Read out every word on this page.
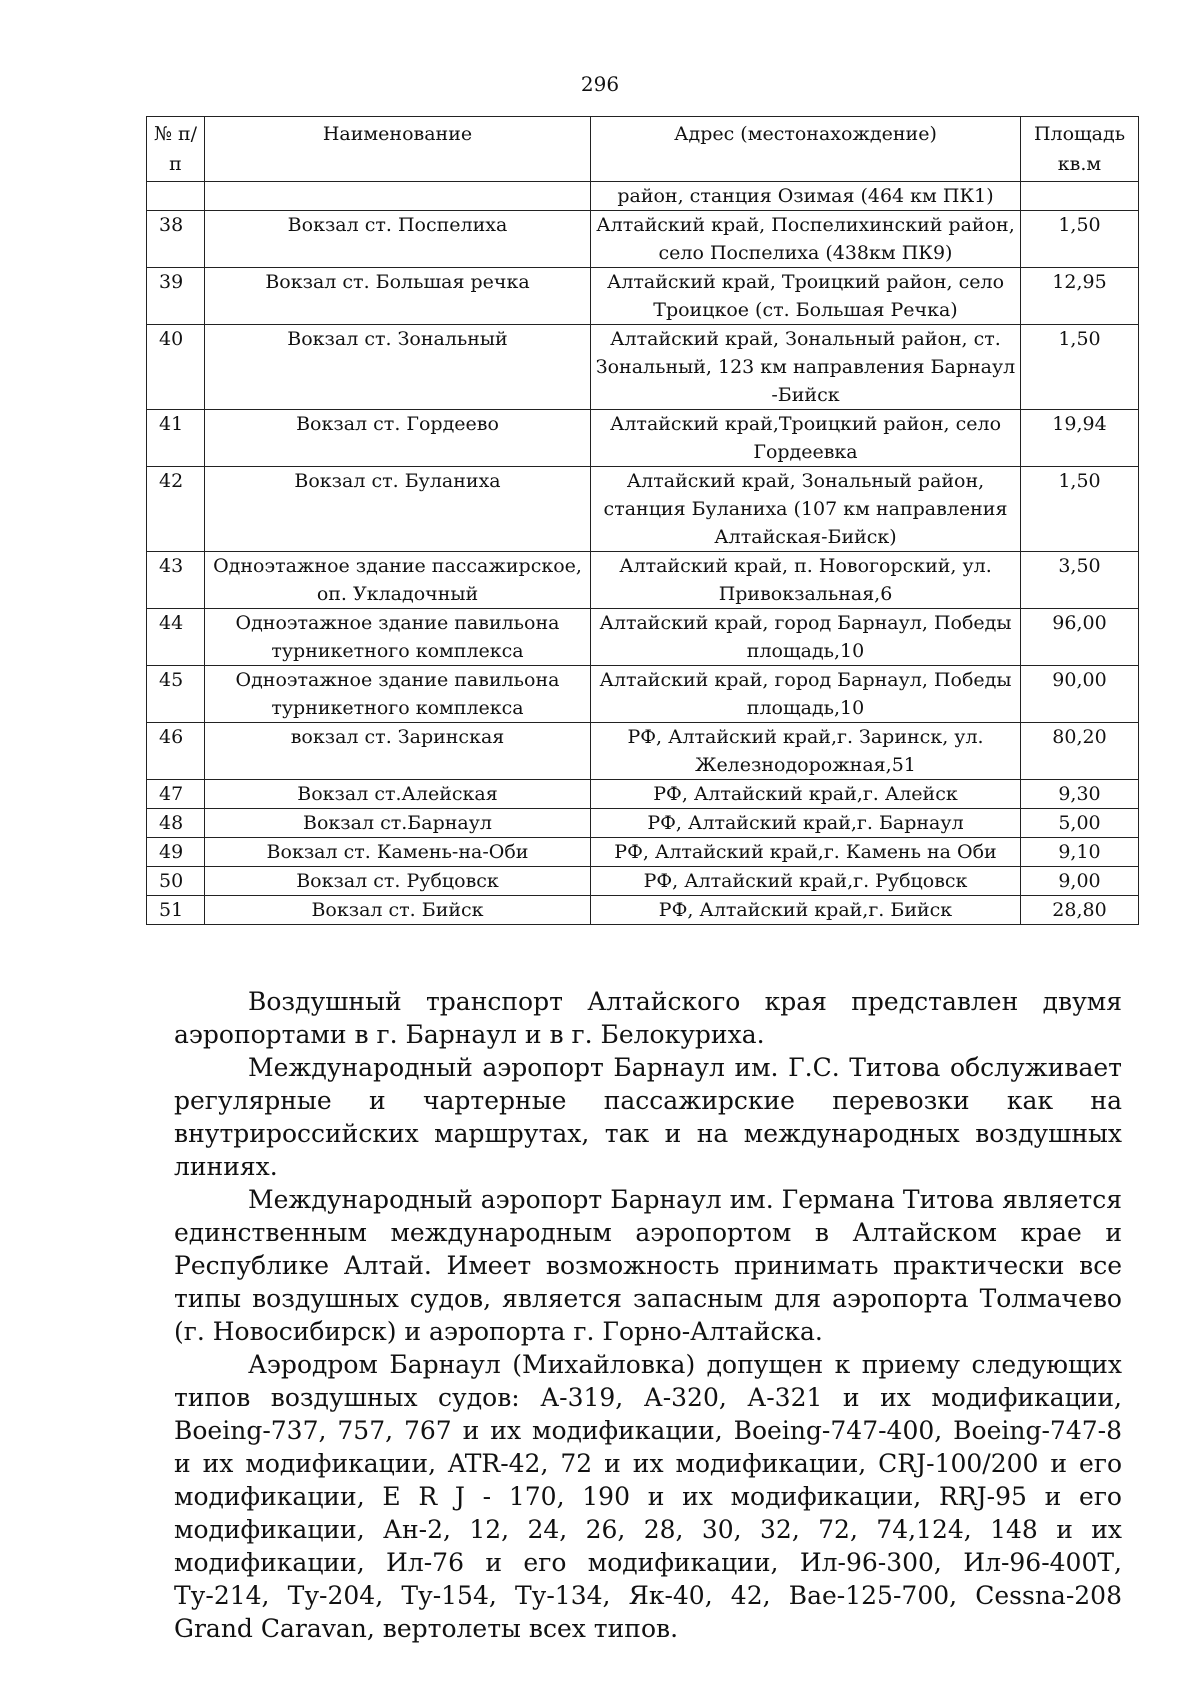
296
№ п/п	Наименование	Адрес (местонахождение)	Площадь кв.м
		район, станция Озимая (464 км ПК1)	
38	Вокзал ст. Поспелиха	Алтайский край, Поспелихинский район, село Поспелиха (438км ПК9)	1,50
39	Вокзал ст. Большая речка	Алтайский край, Троицкий район, село Троицкое (ст. Большая Речка)	12,95
40	Вокзал ст. Зональный	Алтайский край, Зональный район, ст. Зональный, 123 км направления Барнаул -Бийск	1,50
41	Вокзал ст. Гордеево	Алтайский край,Троицкий район, село Гордеевка	19,94
42	Вокзал ст. Буланиха	Алтайский край, Зональный район, станция Буланиха (107 км направления Алтайская-Бийск)	1,50
43	Одноэтажное здание пассажирское, оп. Укладочный	Алтайский край, п. Новогорский, ул. Привокзальная,6	3,50
44	Одноэтажное здание павильона турникетного комплекса	Алтайский край, город Барнаул, Победы площадь,10	96,00
45	Одноэтажное здание павильона турникетного комплекса	Алтайский край, город Барнаул, Победы площадь,10	90,00
46	вокзал ст. Заринская	РФ, Алтайский край,г. Заринск, ул. Железнодорожная,51	80,20
47	Вокзал ст.Алейская	РФ, Алтайский край,г. Алейск	9,30
48	Вокзал ст.Барнаул	РФ, Алтайский край,г. Барнаул	5,00
49	Вокзал ст. Камень-на-Оби	РФ, Алтайский край,г. Камень на Оби	9,10
50	Вокзал ст. Рубцовск	РФ, Алтайский край,г. Рубцовск	9,00
51	Вокзал ст. Бийск	РФ, Алтайский край,г. Бийск	28,80

Воздушный транспорт Алтайского края представлен двумя аэропортами в г. Барнаул и в г. Белокуриха.

Международный аэропорт Барнаул им. Г.С. Титова обслуживает регулярные и чартерные пассажирские перевозки как на внутрироссийских маршрутах, так и на международных воздушных линиях.

Международный аэропорт Барнаул им. Германа Титова является единственным международным аэропортом в Алтайском крае и Республике Алтай. Имеет возможность принимать практически все типы воздушных судов, является запасным для аэропорта Толмачево (г. Новосибирск) и аэропорта г. Горно-Алтайска.

Аэродром Барнаул (Михайловка) допущен к приему следующих типов воздушных судов: А-319, А-320, А-321 и их модификации, Boeing-737, 757, 767 и их модификации, Boeing-747-400, Boeing-747-8 и их модификации, ATR-42, 72 и их модификации, CRJ-100/200 и его модификации, E R J - 170, 190 и их модификации, RRJ-95 и его модификации, Ан-2, 12, 24, 26, 28, 30, 32, 72, 74,124, 148 и их модификации, Ил-76 и его модификации, Ил-96-300, Ил-96-400Т, Ту-214, Ту-204, Ту-154, Ту-134, Як-40, 42, Вае-125-700, Cessna-208 Grand Caravan, вертолеты всех типов.
